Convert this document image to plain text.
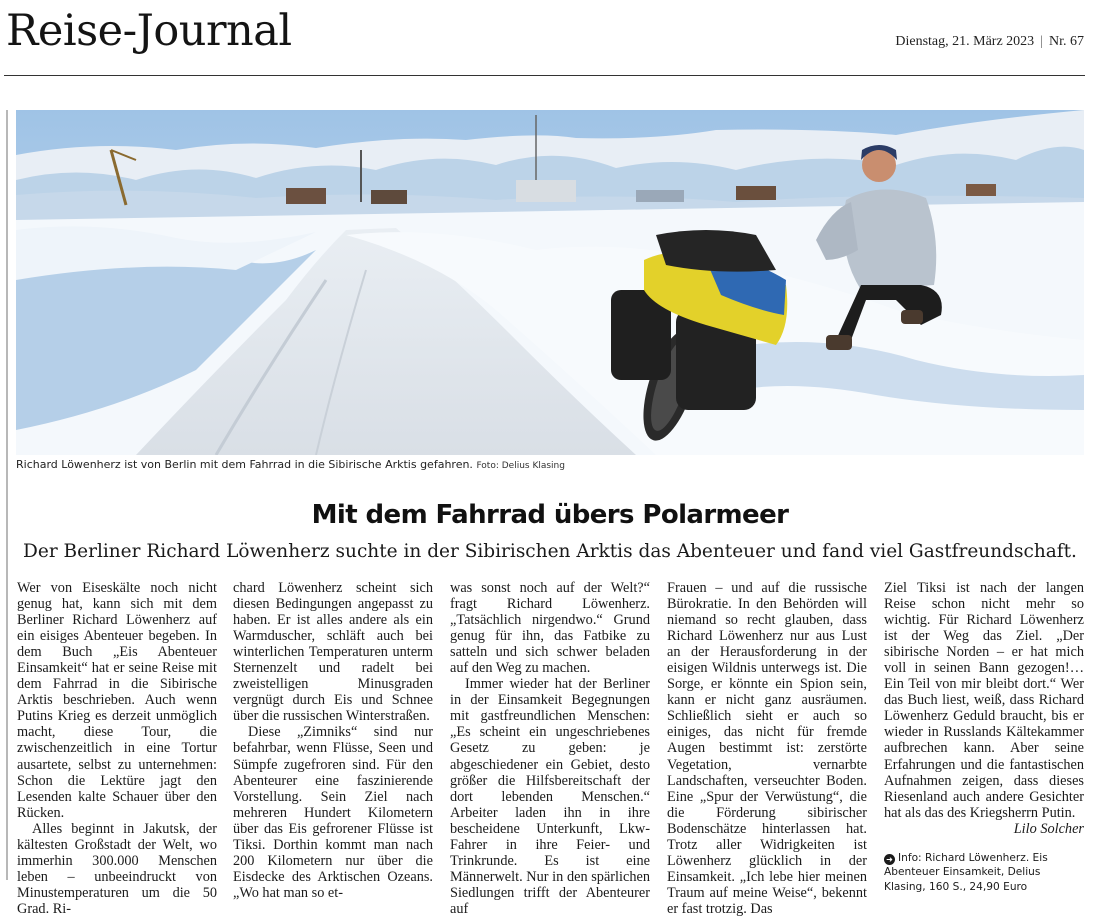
Reise-Journal	Dienstag, 21. März 2023 | Nr. 67
Richard Löwenherz ist von Berlin mit dem Fahrrad in die Sibirische Arktis gefahren. Foto: Delius Klasing
Mit dem Fahrrad übers Polarmeer
Der Berliner Richard Löwenherz suchte in der Sibirischen Arktis das Abenteuer und fand viel Gastfreundschaft.

Wer von Eiseskälte noch nicht genug hat, kann sich mit dem Berliner Richard Löwenherz auf ein eisiges Abenteuer begeben. In dem Buch „Eis Abenteuer Einsamkeit“ hat er seine Reise mit dem Fahrrad in die Sibirische Arktis beschrieben. Auch wenn Putins Krieg es derzeit unmöglich macht, diese Tour, die zwischenzeitlich in eine Tortur ausartete, selbst zu unternehmen: Schon die Lektüre jagt den Lesenden kalte Schauer über den Rücken.

Alles beginnt in Jakutsk, der kältesten Großstadt der Welt, wo immerhin 300.000 Menschen leben – unbeeindruckt von Minustemperaturen um die 50 Grad. Ri-

chard Löwenherz scheint sich diesen Bedingungen angepasst zu haben. Er ist alles andere als ein Warmduscher, schläft auch bei winterlichen Temperaturen unterm Sternenzelt und radelt bei zweistelligen Minusgraden vergnügt durch Eis und Schnee über die russischen Winterstraßen.

Diese „Zimniks“ sind nur befahrbar, wenn Flüsse, Seen und Sümpfe zugefroren sind. Für den Abenteurer eine faszinierende Vorstellung. Sein Ziel nach mehreren Hundert Kilometern über das Eis gefrorener Flüsse ist Tiksi. Dorthin kommt man nach 200 Kilometern nur über die Eisdecke des Arktischen Ozeans. „Wo hat man so et-

was sonst noch auf der Welt?“ fragt Richard Löwenherz. „Tatsächlich nirgendwo.“ Grund genug für ihn, das Fatbike zu satteln und sich schwer beladen auf den Weg zu machen.

Immer wieder hat der Berliner in der Einsamkeit Begegnungen mit gastfreundlichen Menschen: „Es scheint ein ungeschriebenes Gesetz zu geben: je abgeschiedener ein Gebiet, desto größer die Hilfsbereitschaft der dort lebenden Menschen.“ Arbeiter laden ihn in ihre bescheidene Unterkunft, Lkw-Fahrer in ihre Feier- und Trinkrunde. Es ist eine Männerwelt. Nur in den spärlichen Siedlungen trifft der Abenteurer auf

Frauen – und auf die russische Bürokratie. In den Behörden will niemand so recht glauben, dass Richard Löwenherz nur aus Lust an der Herausforderung in der eisigen Wildnis unterwegs ist. Die Sorge, er könnte ein Spion sein, kann er nicht ganz ausräumen. Schließlich sieht er auch so einiges, das nicht für fremde Augen bestimmt ist: zerstörte Vegetation, vernarbte Landschaften, verseuchter Boden. Eine „Spur der Verwüstung“, die die Förderung sibirischer Bodenschätze hinterlassen hat. Trotz aller Widrigkeiten ist Löwenherz glücklich in der Einsamkeit. „Ich lebe hier meinen Traum auf meine Weise“, bekennt er fast trotzig. Das

Ziel Tiksi ist nach der langen Reise schon nicht mehr so wichtig. Für Richard Löwenherz ist der Weg das Ziel. „Der sibirische Norden – er hat mich voll in seinen Bann gezogen!… Ein Teil von mir bleibt dort.“ Wer das Buch liest, weiß, dass Richard Löwenherz Geduld braucht, bis er wieder in Russlands Kältekammer aufbrechen kann. Aber seine Erfahrungen und die fantastischen Aufnahmen zeigen, dass dieses Riesenland auch andere Gesichter hat als das des Kriegsherrn Putin.

Lilo Solcher

➜ Info: Richard Löwenherz. Eis Abenteuer Einsamkeit, Delius Klasing, 160 S., 24,90 Euro
